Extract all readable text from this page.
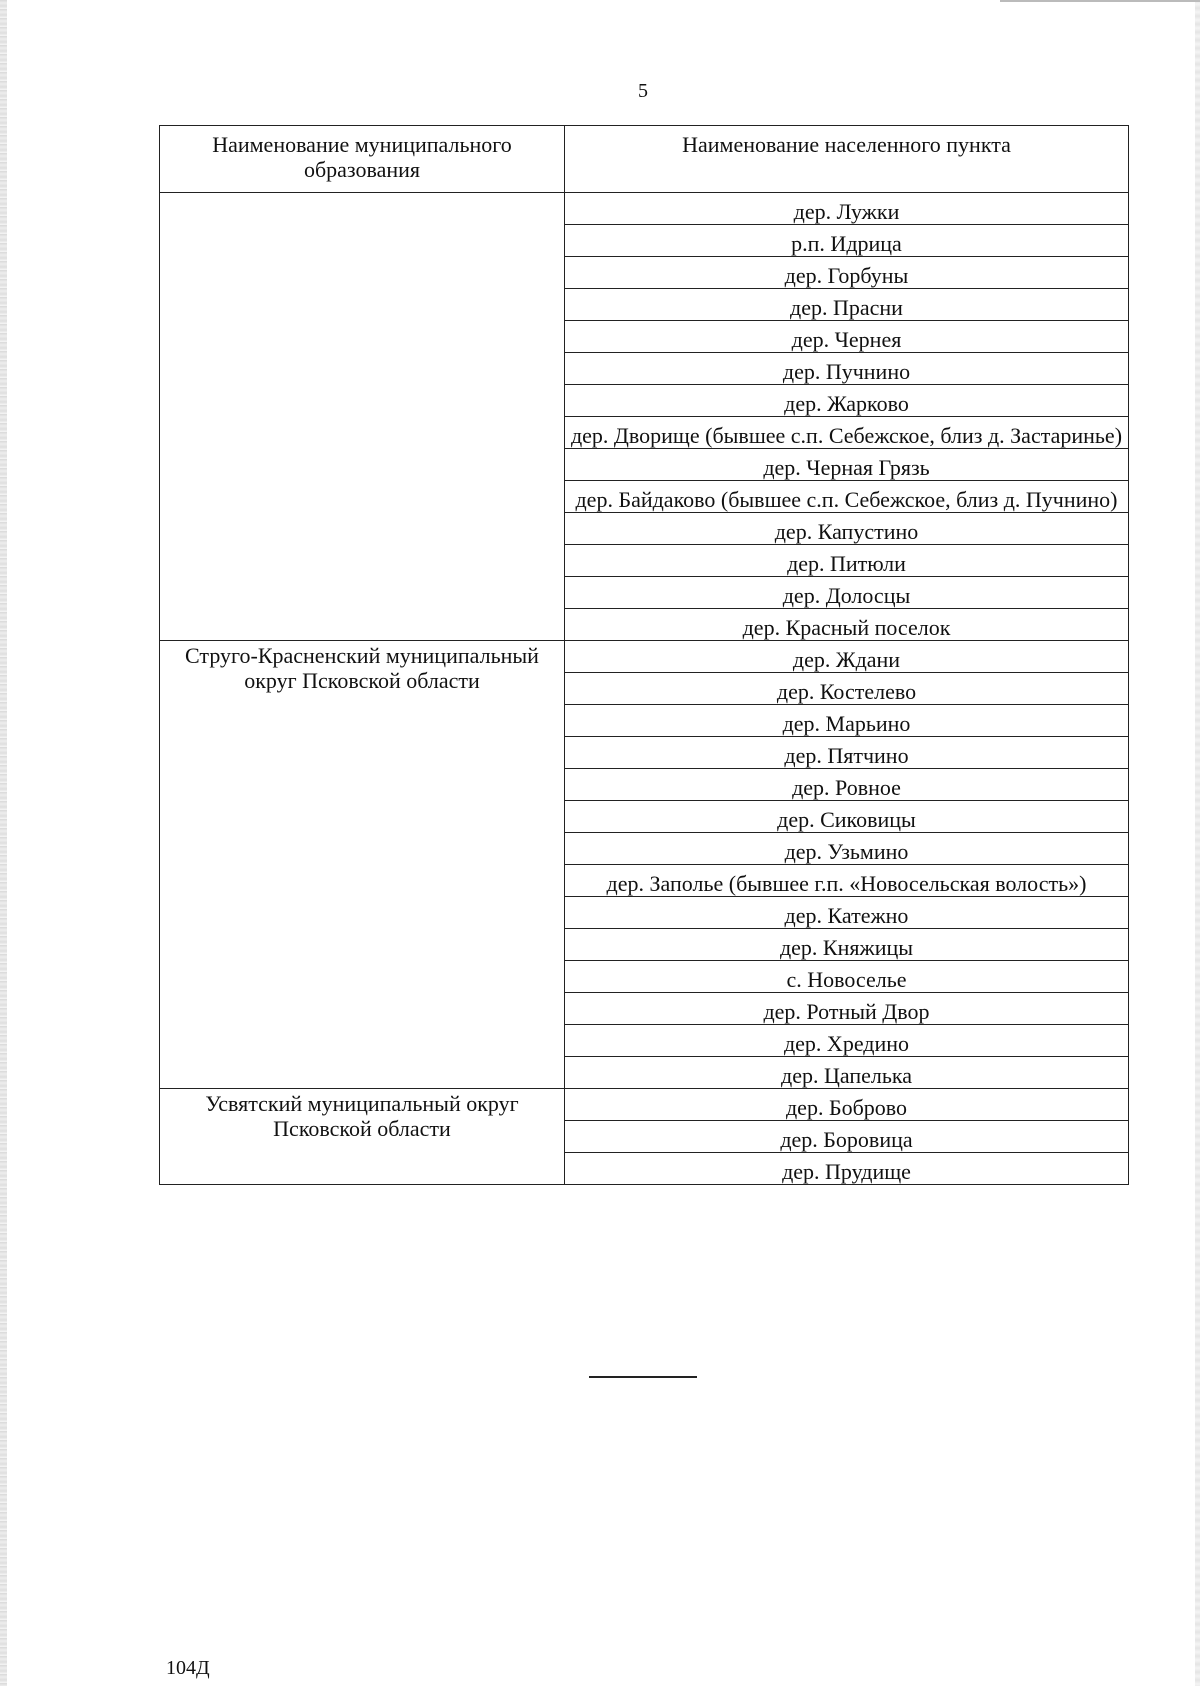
5
Наименование муниципального образования	Наименование населенного пункта
	дер. Лужки
	р.п. Идрица
	дер. Горбуны
	дер. Прасни
	дер. Чернея
	дер. Пучнино
	дер. Жарково
	дер. Дворище (бывшее с.п. Себежское, близ д. Застаринье)
	дер. Черная Грязь
	дер. Байдаково (бывшее с.п. Себежское, близ д. Пучнино)
	дер. Капустино
	дер. Питюли
	дер. Долосцы
	дер. Красный поселок
Струго-Красненский муниципальный округ Псковской области	дер. Ждани
	дер. Костелево
	дер. Марьино
	дер. Пятчино
	дер. Ровное
	дер. Сиковицы
	дер. Узьмино
	дер. Заполье (бывшее г.п. «Новосельская волость»)
	дер. Катежно
	дер. Княжицы
	с. Новоселье
	дер. Ротный Двор
	дер. Хредино
	дер. Цапелька
Усвятский муниципальный округ Псковской области	дер. Боброво
	дер. Боровица
	дер. Прудище
104Д
